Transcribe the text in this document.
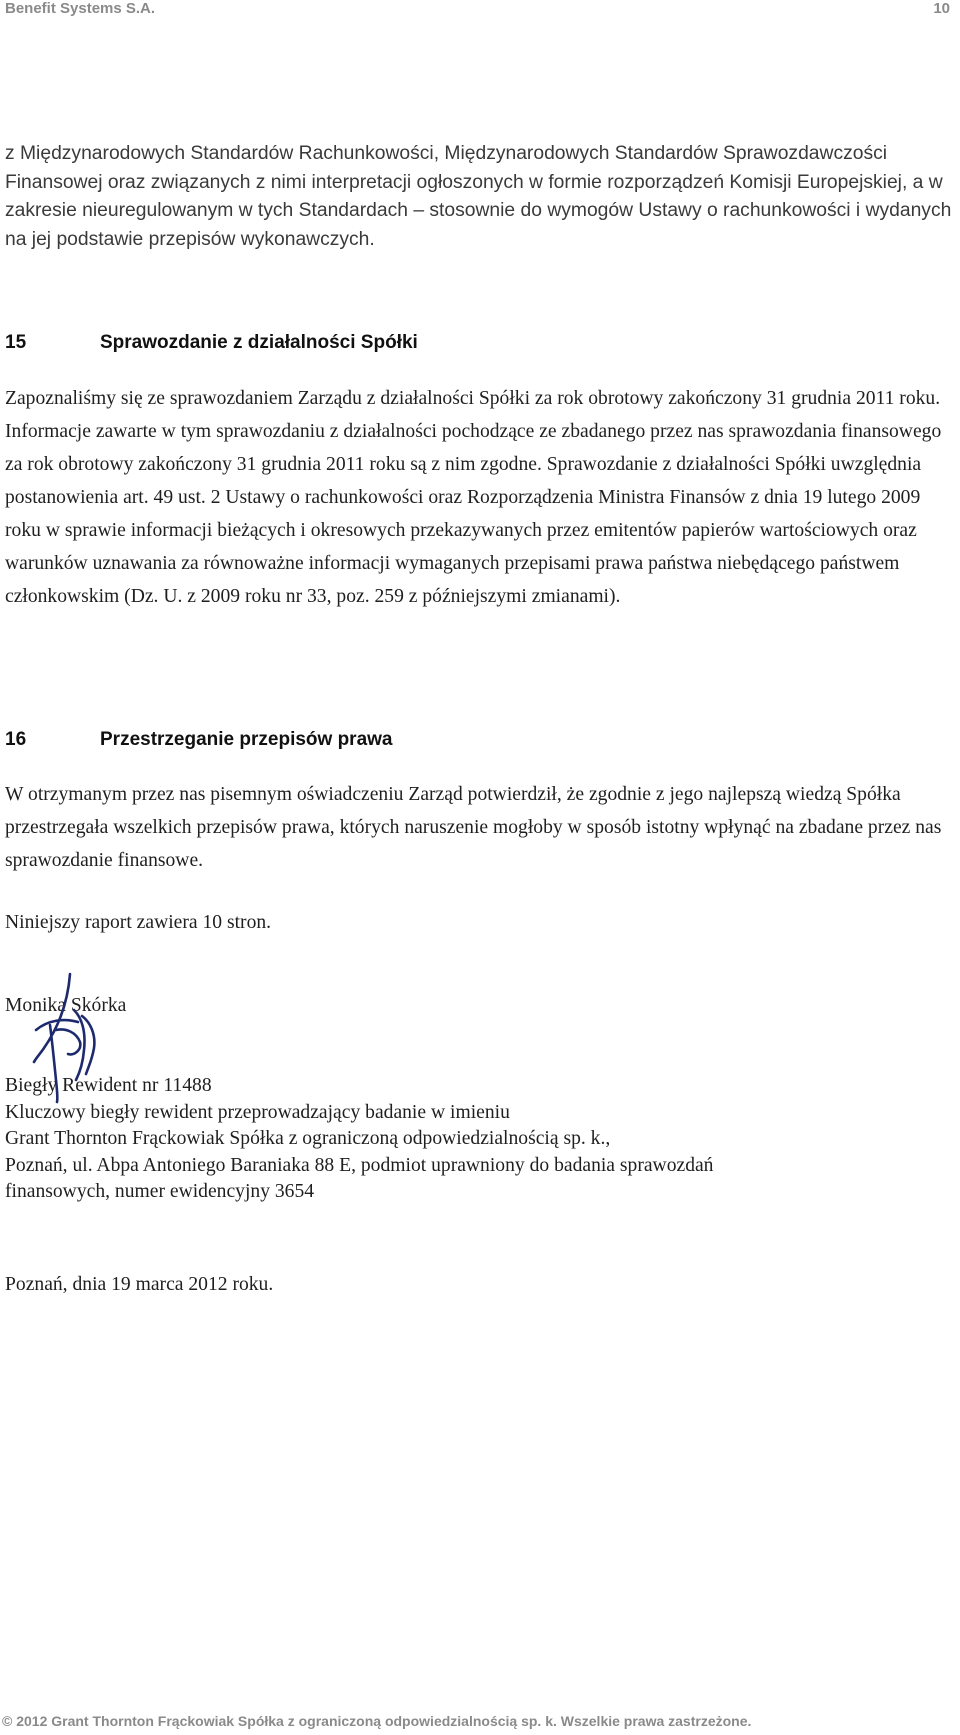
Benefit Systems S.A.	10
z Międzynarodowych Standardów Rachunkowości, Międzynarodowych Standardów Sprawozdawczości Finansowej oraz związanych z nimi interpretacji ogłoszonych w formie rozporządzeń Komisji Europejskiej, a w zakresie nieuregulowanym w tych Standardach – stosownie do wymogów Ustawy o rachunkowości i wydanych na jej podstawie przepisów wykonawczych.
15	Sprawozdanie z działalności Spółki
Zapoznaliśmy się ze sprawozdaniem Zarządu z działalności Spółki za rok obrotowy zakończony 31 grudnia 2011 roku. Informacje zawarte w tym sprawozdaniu z działalności pochodzące ze zbadanego przez nas sprawozdania finansowego za rok obrotowy zakończony 31 grudnia 2011 roku są z nim zgodne. Sprawozdanie z działalności Spółki uwzględnia postanowienia art. 49 ust. 2 Ustawy o rachunkowości oraz Rozporządzenia Ministra Finansów z dnia 19 lutego 2009 roku w sprawie informacji bieżących i okresowych przekazywanych przez emitentów papierów wartościowych oraz warunków uznawania za równoważne informacji wymaganych przepisami prawa państwa niebędącego państwem członkowskim (Dz. U. z 2009 roku nr 33, poz. 259 z późniejszymi zmianami).
16	Przestrzeganie przepisów prawa
W otrzymanym przez nas pisemnym oświadczeniu Zarząd potwierdził, że zgodnie z jego najlepszą wiedzą Spółka przestrzegała wszelkich przepisów prawa, których naruszenie mogłoby w sposób istotny wpłynąć na zbadane przez nas sprawozdanie finansowe.
Niniejszy raport zawiera 10 stron.
Monika Skórka
Biegły Rewident nr 11488
Kluczowy biegły rewident przeprowadzający badanie w imieniu
Grant Thornton Frąckowiak Spółka z ograniczoną odpowiedzialnością sp. k.,
Poznań, ul. Abpa Antoniego Baraniaka 88 E, podmiot uprawniony do badania sprawozdań
finansowych, numer ewidencyjny 3654
Poznań, dnia 19 marca 2012 roku.
© 2012 Grant Thornton Frąckowiak Spółka z ograniczoną odpowiedzialnością sp. k. Wszelkie prawa zastrzeżone.
